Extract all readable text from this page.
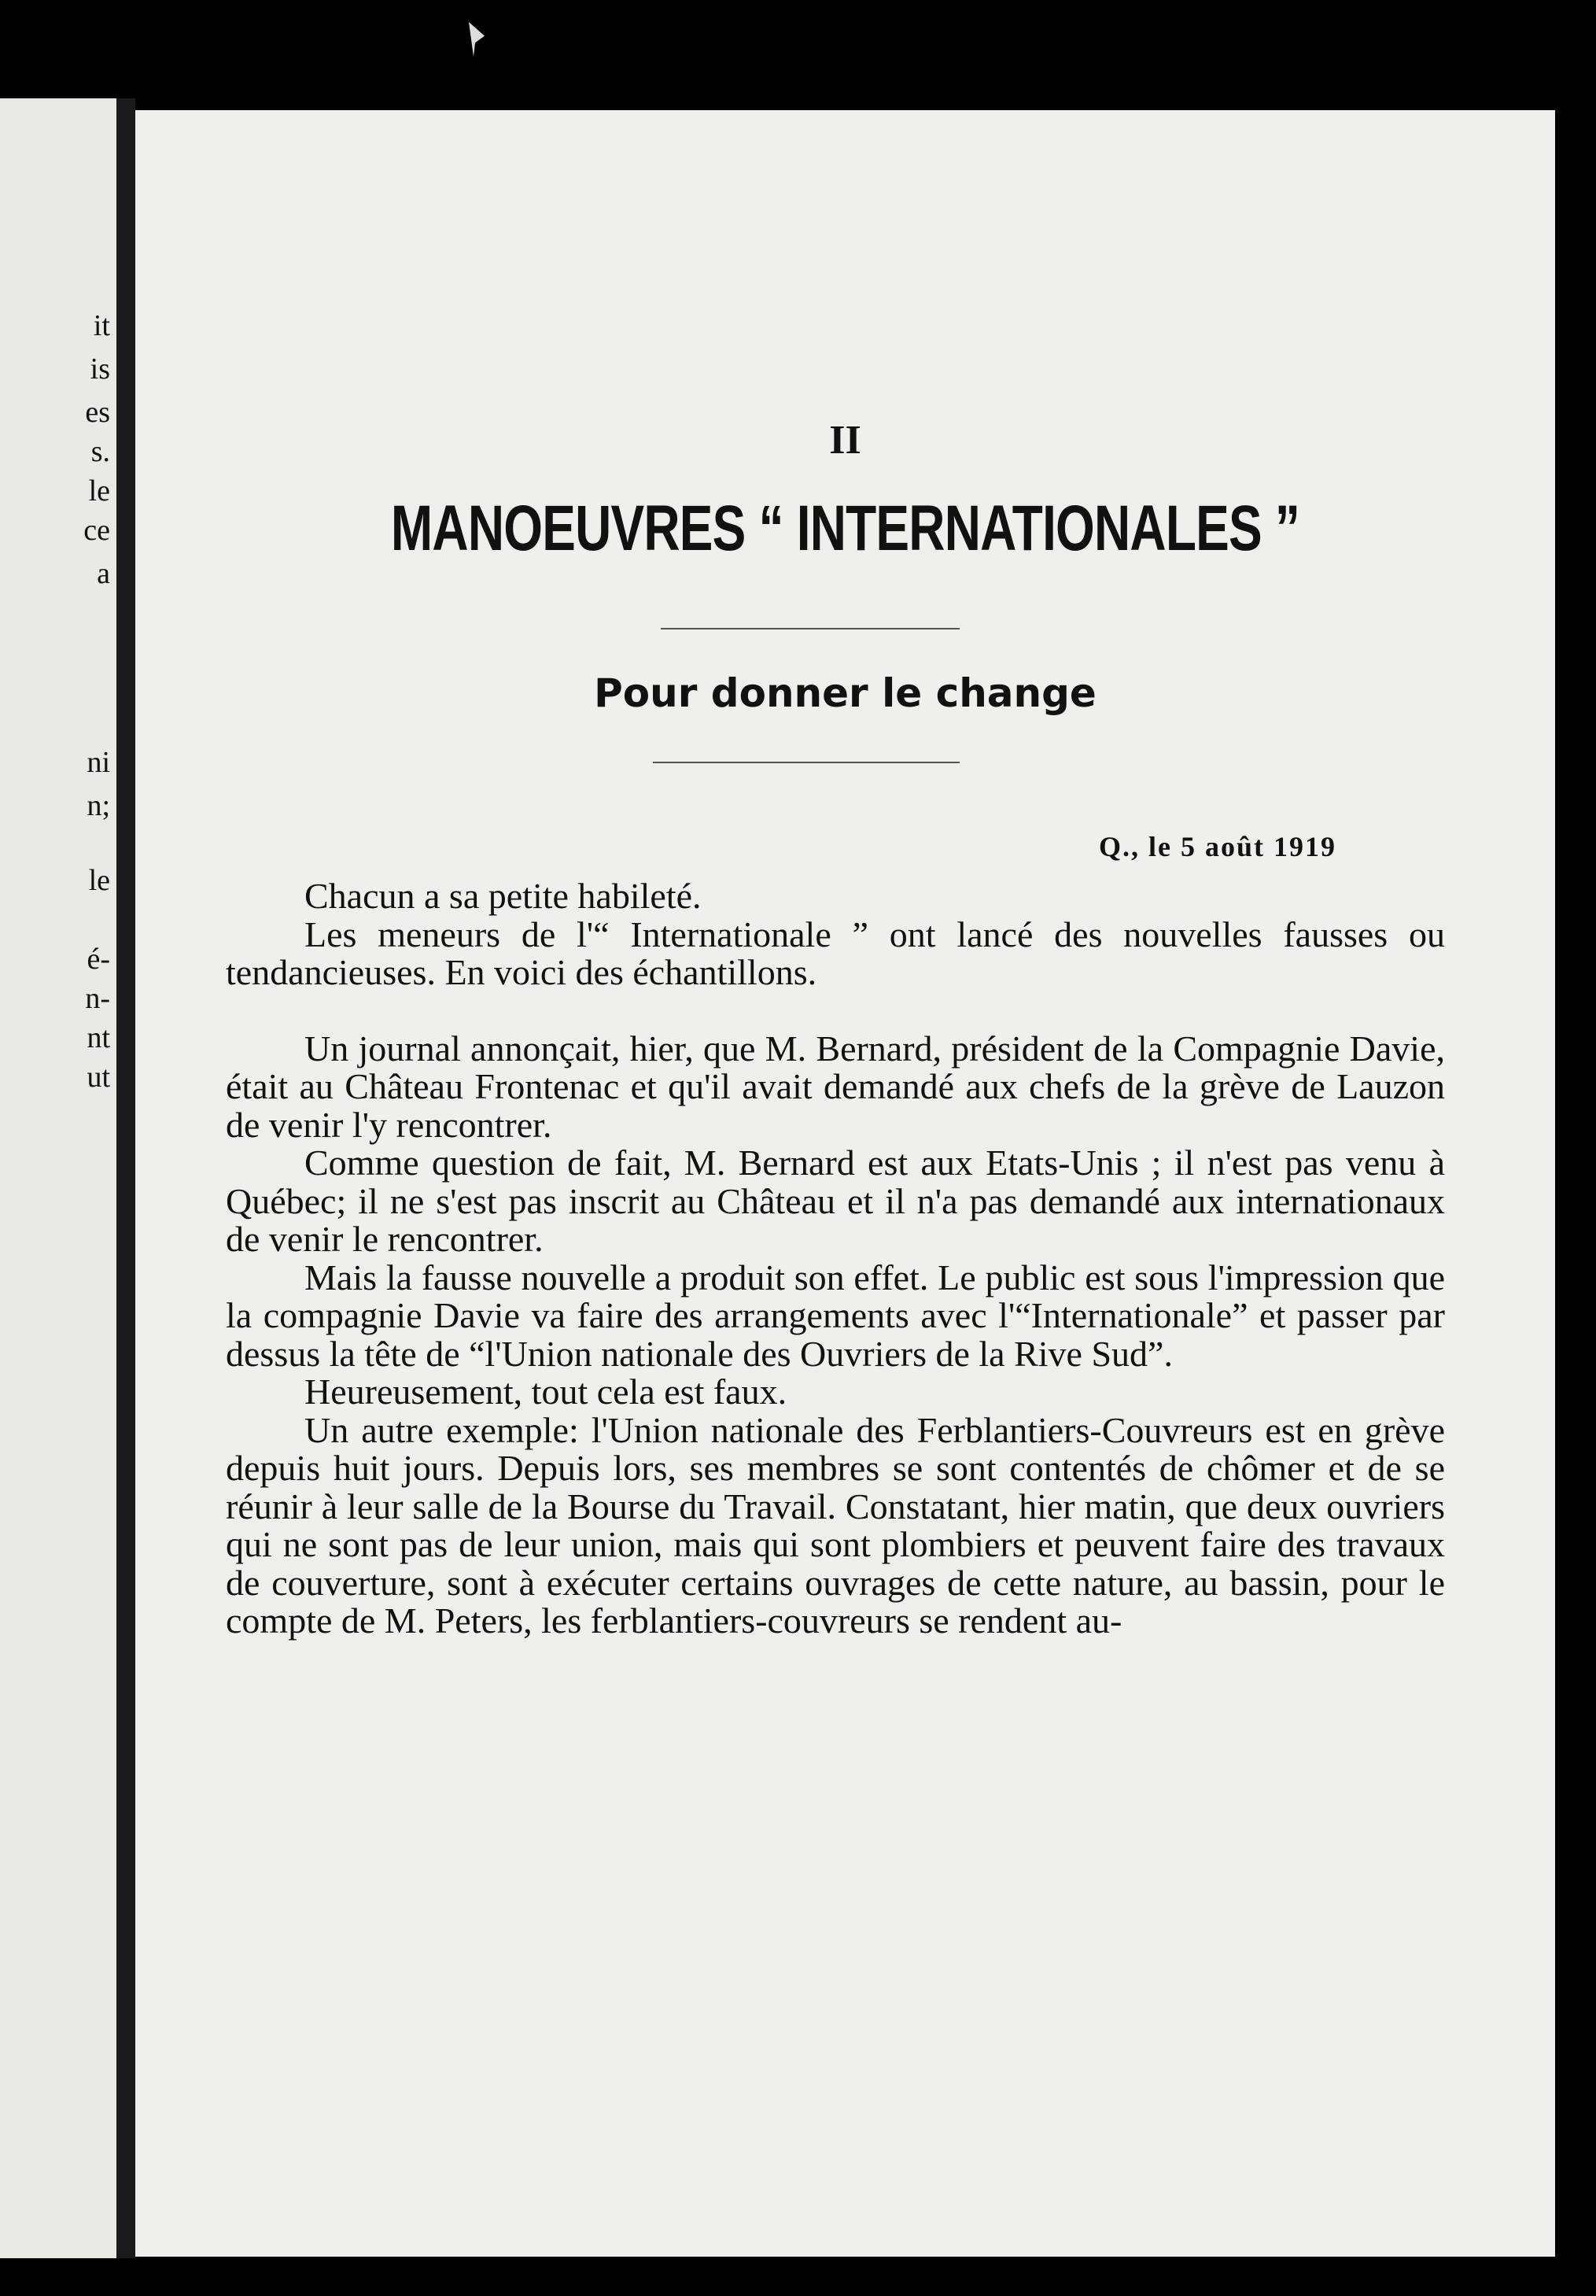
it
is
es
s.
le
ce
a
ni
n;
le
é-
n-
nt
ut
II
MANOEUVRES “ INTERNATIONALES ”
Pour donner le change
Q., le 5 août 1919

Chacun a sa petite habileté.

Les meneurs de l'“ Internationale ” ont lancé des nouvelles fausses ou tendancieuses. En voici des échantillons.

Un journal annonçait, hier, que M. Bernard, président de la Compagnie Davie, était au Château Frontenac et qu'il avait demandé aux chefs de la grève de Lauzon de venir l'y rencontrer.

Comme question de fait, M. Bernard est aux Etats-Unis ; il n'est pas venu à Québec; il ne s'est pas inscrit au Château et il n'a pas demandé aux internationaux de venir le rencontrer.

Mais la fausse nouvelle a produit son effet. Le public est sous l'impression que la compagnie Davie va faire des arrangements avec l'“Internationale” et passer par dessus la tête de “l'Union nationale des Ouvriers de la Rive Sud”.

Heureusement, tout cela est faux.

Un autre exemple: l'Union nationale des Ferblantiers-Couvreurs est en grève depuis huit jours. Depuis lors, ses membres se sont contentés de chômer et de se réunir à leur salle de la Bourse du Travail. Constatant, hier matin, que deux ouvriers qui ne sont pas de leur union, mais qui sont plombiers et peuvent faire des travaux de couverture, sont à exécuter certains ouvrages de cette nature, au bassin, pour le compte de M. Peters, les ferblantiers-couvreurs se rendent au-
